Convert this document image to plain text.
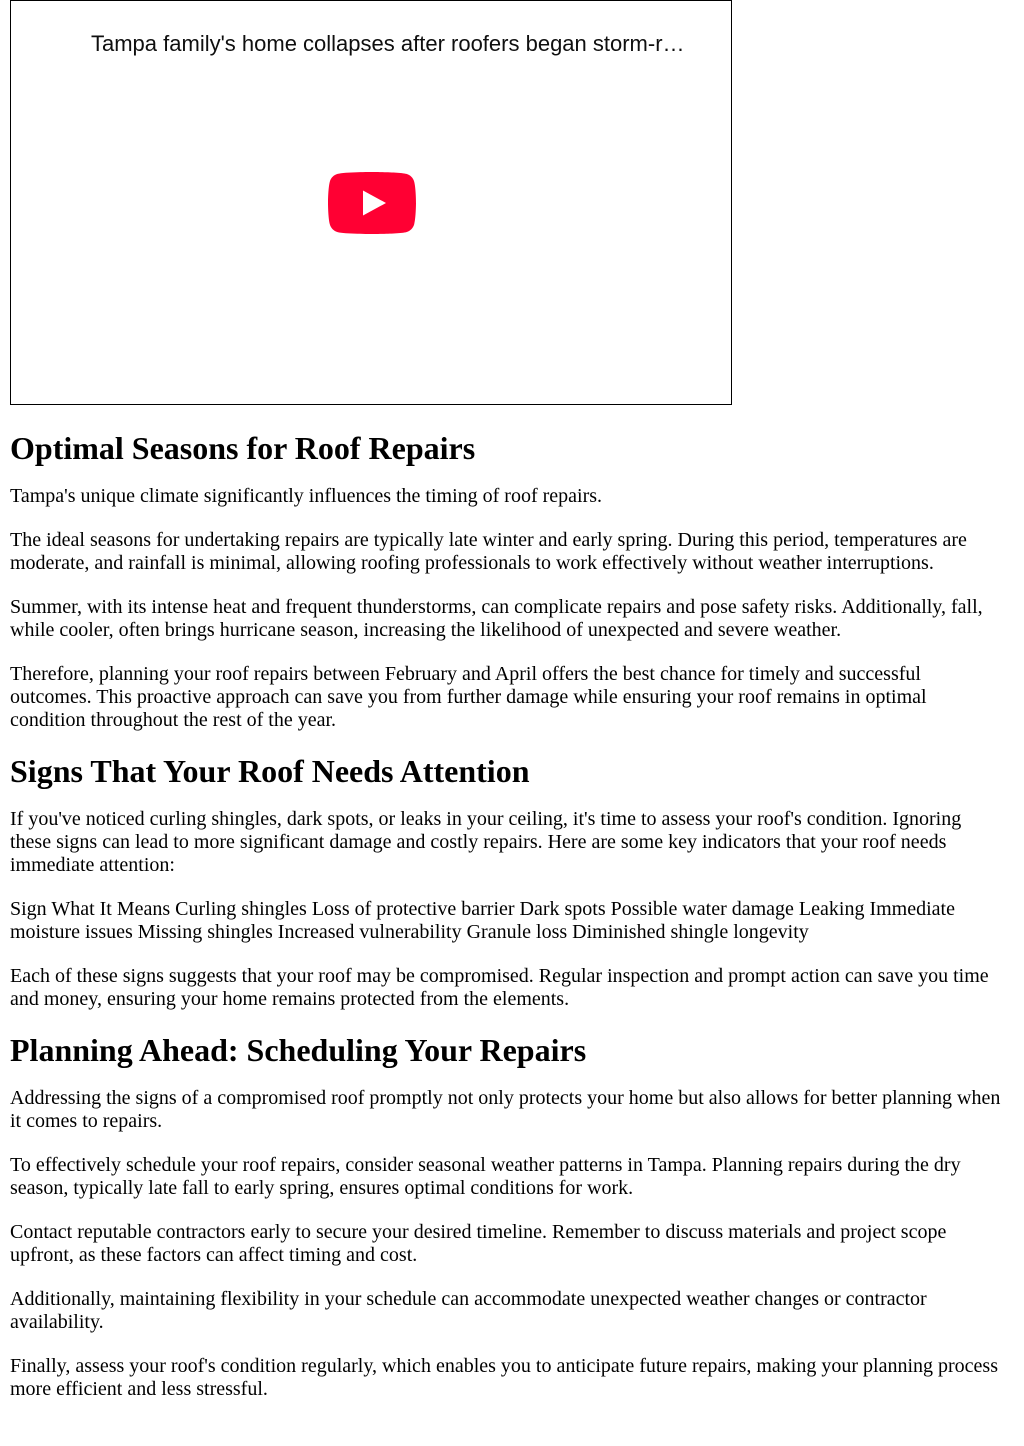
Tampa family's home collapses after roofers began storm-r…
Optimal Seasons for Roof Repairs

Tampa's unique climate significantly influences the timing of roof repairs.

The ideal seasons for undertaking repairs are typically late winter and early spring. During this period, temperatures are moderate, and rainfall is minimal, allowing roofing professionals to work effectively without weather interruptions.

Summer, with its intense heat and frequent thunderstorms, can complicate repairs and pose safety risks. Additionally, fall, while cooler, often brings hurricane season, increasing the likelihood of unexpected and severe weather.

Therefore, planning your roof repairs between February and April offers the best chance for timely and successful outcomes. This proactive approach can save you from further damage while ensuring your roof remains in optimal condition throughout the rest of the year.

Signs That Your Roof Needs Attention

If you've noticed curling shingles, dark spots, or leaks in your ceiling, it's time to assess your roof's condition. Ignoring these signs can lead to more significant damage and costly repairs. Here are some key indicators that your roof needs immediate attention:

Sign What It Means Curling shingles Loss of protective barrier Dark spots Possible water damage Leaking Immediate moisture issues Missing shingles Increased vulnerability Granule loss Diminished shingle longevity

Each of these signs suggests that your roof may be compromised. Regular inspection and prompt action can save you time and money, ensuring your home remains protected from the elements.

Planning Ahead: Scheduling Your Repairs

Addressing the signs of a compromised roof promptly not only protects your home but also allows for better planning when it comes to repairs.

To effectively schedule your roof repairs, consider seasonal weather patterns in Tampa. Planning repairs during the dry season, typically late fall to early spring, ensures optimal conditions for work.

Contact reputable contractors early to secure your desired timeline. Remember to discuss materials and project scope upfront, as these factors can affect timing and cost.

Additionally, maintaining flexibility in your schedule can accommodate unexpected weather changes or contractor availability.

Finally, assess your roof's condition regularly, which enables you to anticipate future repairs, making your planning process more efficient and less stressful.
